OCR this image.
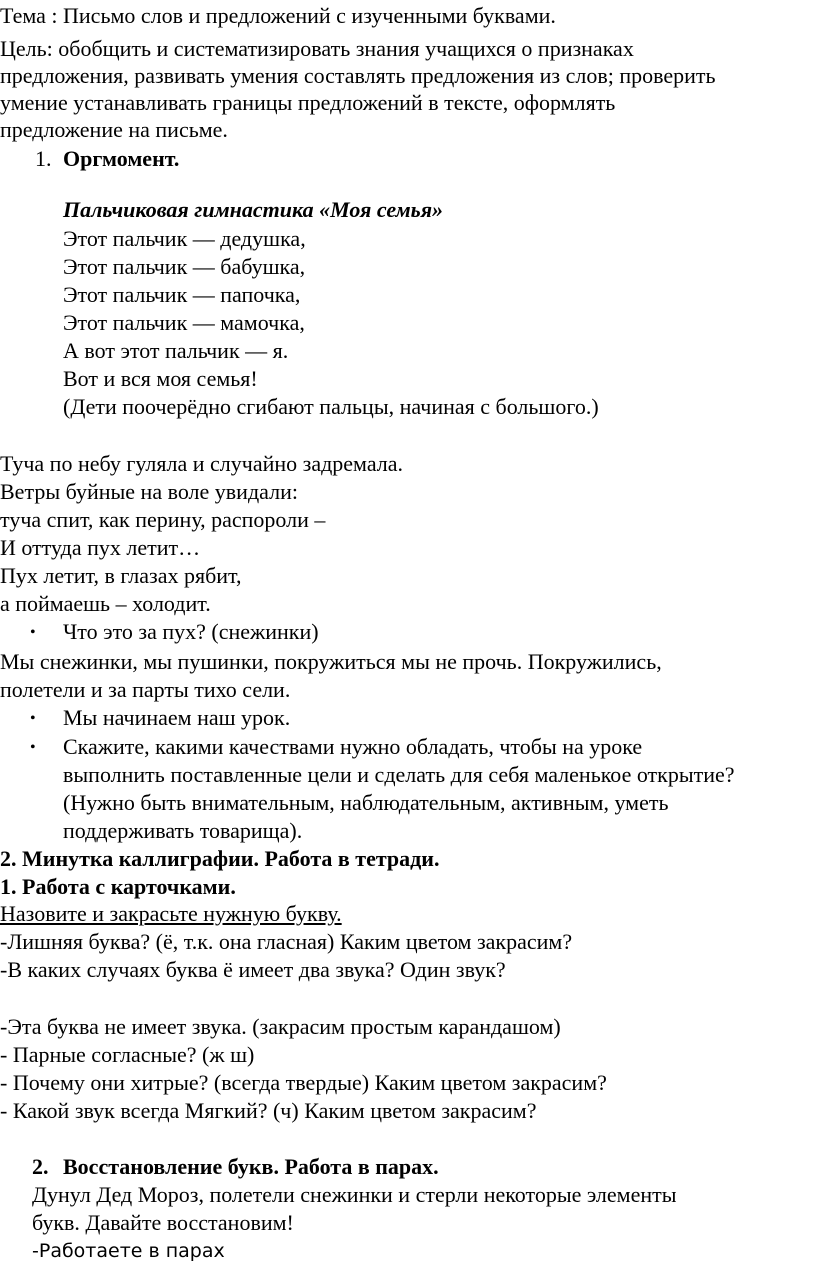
Тема : Письмо слов и предложений с изученными буквами.
Цель: обобщить и систематизировать знания учащихся о признаках
предложения, развивать умения составлять предложения из слов; проверить
умение устанавливать границы предложений в тексте, оформлять
предложение на письме.
1. Оргмомент.
Пальчиковая гимнастика «Моя семья»
Этот пальчик — дедушка,
Этот пальчик — бабушка,
Этот пальчик — папочка,
Этот пальчик — мамочка,
А вот этот пальчик — я.
Вот и вся моя семья!
(Дети поочерёдно сгибают пальцы, начиная с большого.)
Туча по небу гуляла и случайно задремала.
Ветры буйные на воле увидали:
туча спит, как перину, распороли –
И оттуда пух летит…
Пух летит, в глазах рябит,
а поймаешь – холодит.
• Что это за пух? (снежинки)
Мы снежинки, мы пушинки, покружиться мы не прочь. Покружились,
полетели и за парты тихо сели.
• Мы начинаем наш урок.
• Скажите, какими качествами нужно обладать, чтобы на уроке
выполнить поставленные цели и сделать для себя маленькое открытие?
(Нужно быть внимательным, наблюдательным, активным, уметь
поддерживать товарища).
2. Минутка каллиграфии. Работа в тетради.
1. Работа с карточками.
Назовите и закрасьте нужную букву.
-Лишняя буква? (ё, т.к. она гласная) Каким цветом закрасим?
-В каких случаях буква ё имеет два звука? Один звук?
-Эта буква не имеет звука. (закрасим простым карандашом)
- Парные согласные? (ж ш)
- Почему они хитрые? (всегда твердые) Каким цветом закрасим?
- Какой звук всегда Мягкий? (ч) Каким цветом закрасим?
2. Восстановление букв. Работа в парах.
Дунул Дед Мороз, полетели снежинки и стерли некоторые элементы
букв. Давайте восстановим!
-Работаете в парах
